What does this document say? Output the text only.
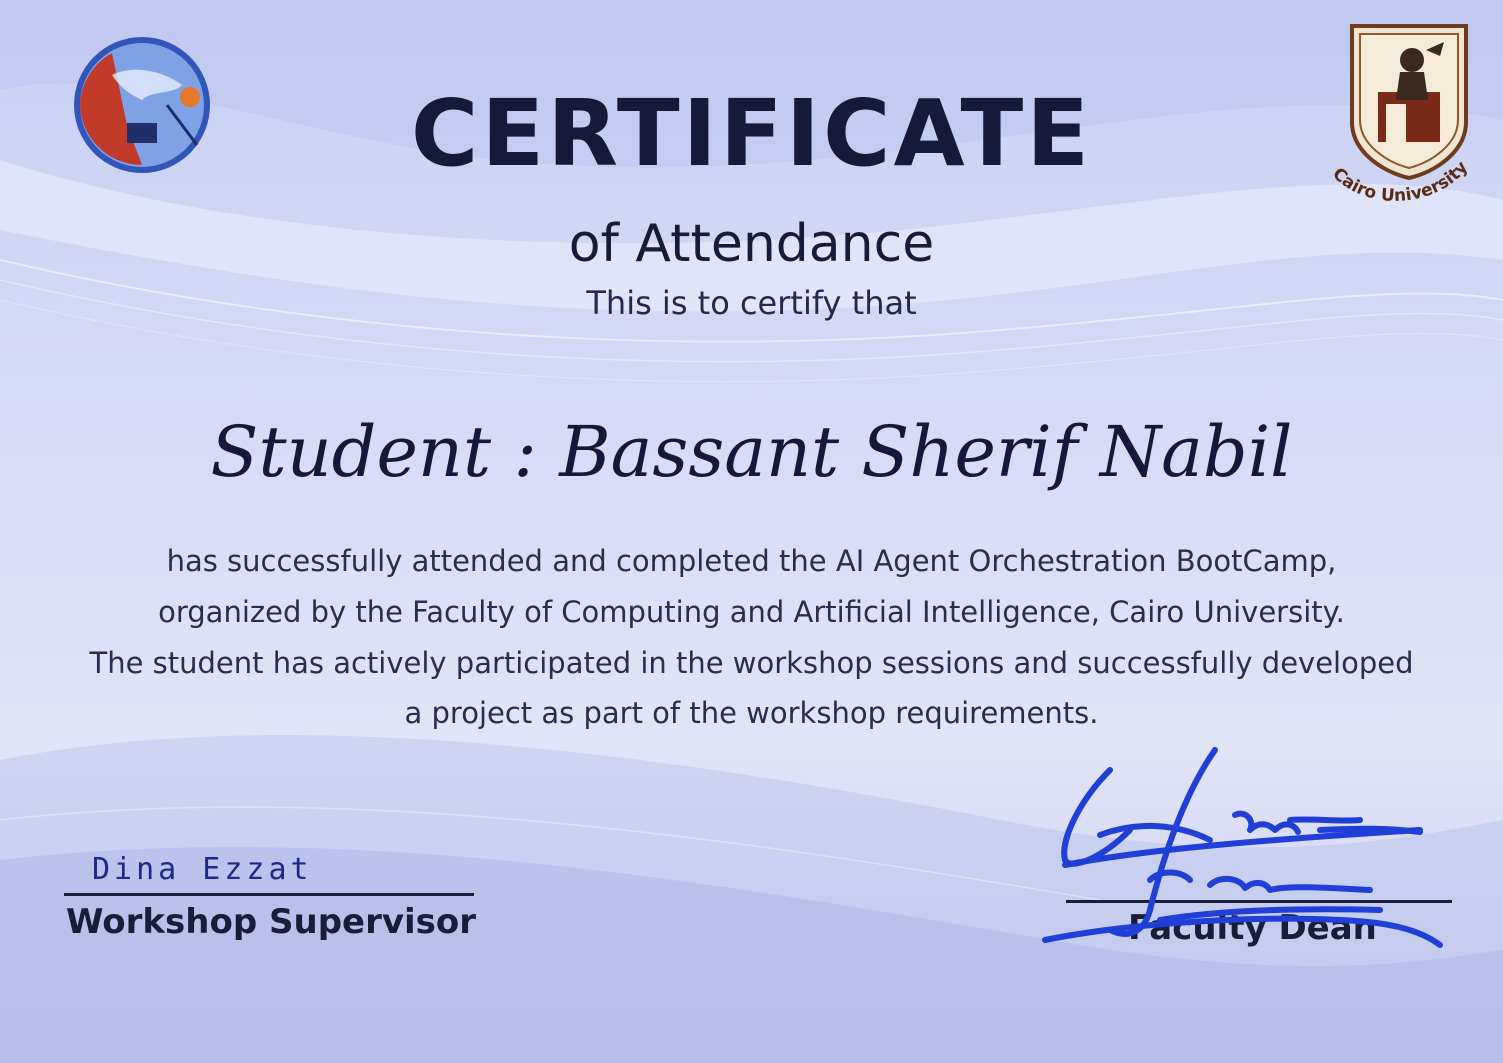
Cairo University
CERTIFICATE
of Attendance
This is to certify that
Student : Bassant Sherif Nabil
has successfully attended and completed the AI Agent Orchestration BootCamp,
organized by the Faculty of Computing and Artificial Intelligence, Cairo University.
The student has actively participated in the workshop sessions and successfully developed
a project as part of the workshop requirements.
Dina Ezzat
Workshop Supervisor	Faculty Dean
